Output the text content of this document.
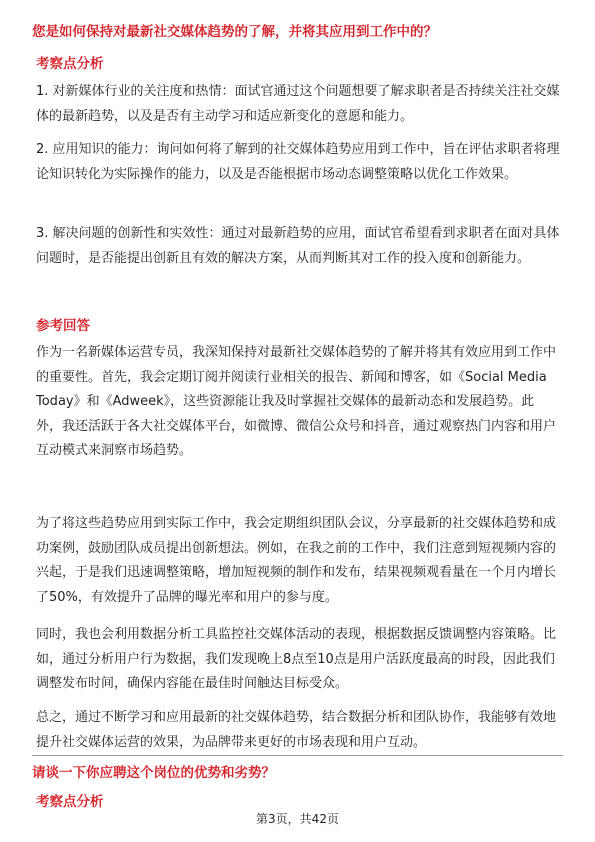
您是如何保持对最新社交媒体趋势的了解，并将其应用到工作中的？
考察点分析

1. 对新媒体行业的关注度和热情：面试官通过这个问题想要了解求职者是否持续关注社交媒体的最新趋势，以及是否有主动学习和适应新变化的意愿和能力。

2. 应用知识的能力：询问如何将了解到的社交媒体趋势应用到工作中，旨在评估求职者将理论知识转化为实际操作的能力，以及是否能根据市场动态调整策略以优化工作效果。

3. 解决问题的创新性和实效性：通过对最新趋势的应用，面试官希望看到求职者在面对具体问题时，是否能提出创新且有效的解决方案，从而判断其对工作的投入度和创新能力。

参考回答

作为一名新媒体运营专员，我深知保持对最新社交媒体趋势的了解并将其有效应用到工作中的重要性。首先，我会定期订阅并阅读行业相关的报告、新闻和博客，如《Social Media Today》和《Adweek》，这些资源能让我及时掌握社交媒体的最新动态和发展趋势。此外，我还活跃于各大社交媒体平台，如微博、微信公众号和抖音，通过观察热门内容和用户互动模式来洞察市场趋势。

为了将这些趋势应用到实际工作中，我会定期组织团队会议，分享最新的社交媒体趋势和成功案例，鼓励团队成员提出创新想法。例如，在我之前的工作中，我们注意到短视频内容的兴起，于是我们迅速调整策略，增加短视频的制作和发布，结果视频观看量在一个月内增长了50%，有效提升了品牌的曝光率和用户的参与度。

同时，我也会利用数据分析工具监控社交媒体活动的表现，根据数据反馈调整内容策略。比如，通过分析用户行为数据，我们发现晚上8点至10点是用户活跃度最高的时段，因此我们调整发布时间，确保内容能在最佳时间触达目标受众。

总之，通过不断学习和应用最新的社交媒体趋势，结合数据分析和团队协作，我能够有效地提升社交媒体运营的效果，为品牌带来更好的市场表现和用户互动。

请谈一下你应聘这个岗位的优势和劣势？
考察点分析
第3页，共42页
